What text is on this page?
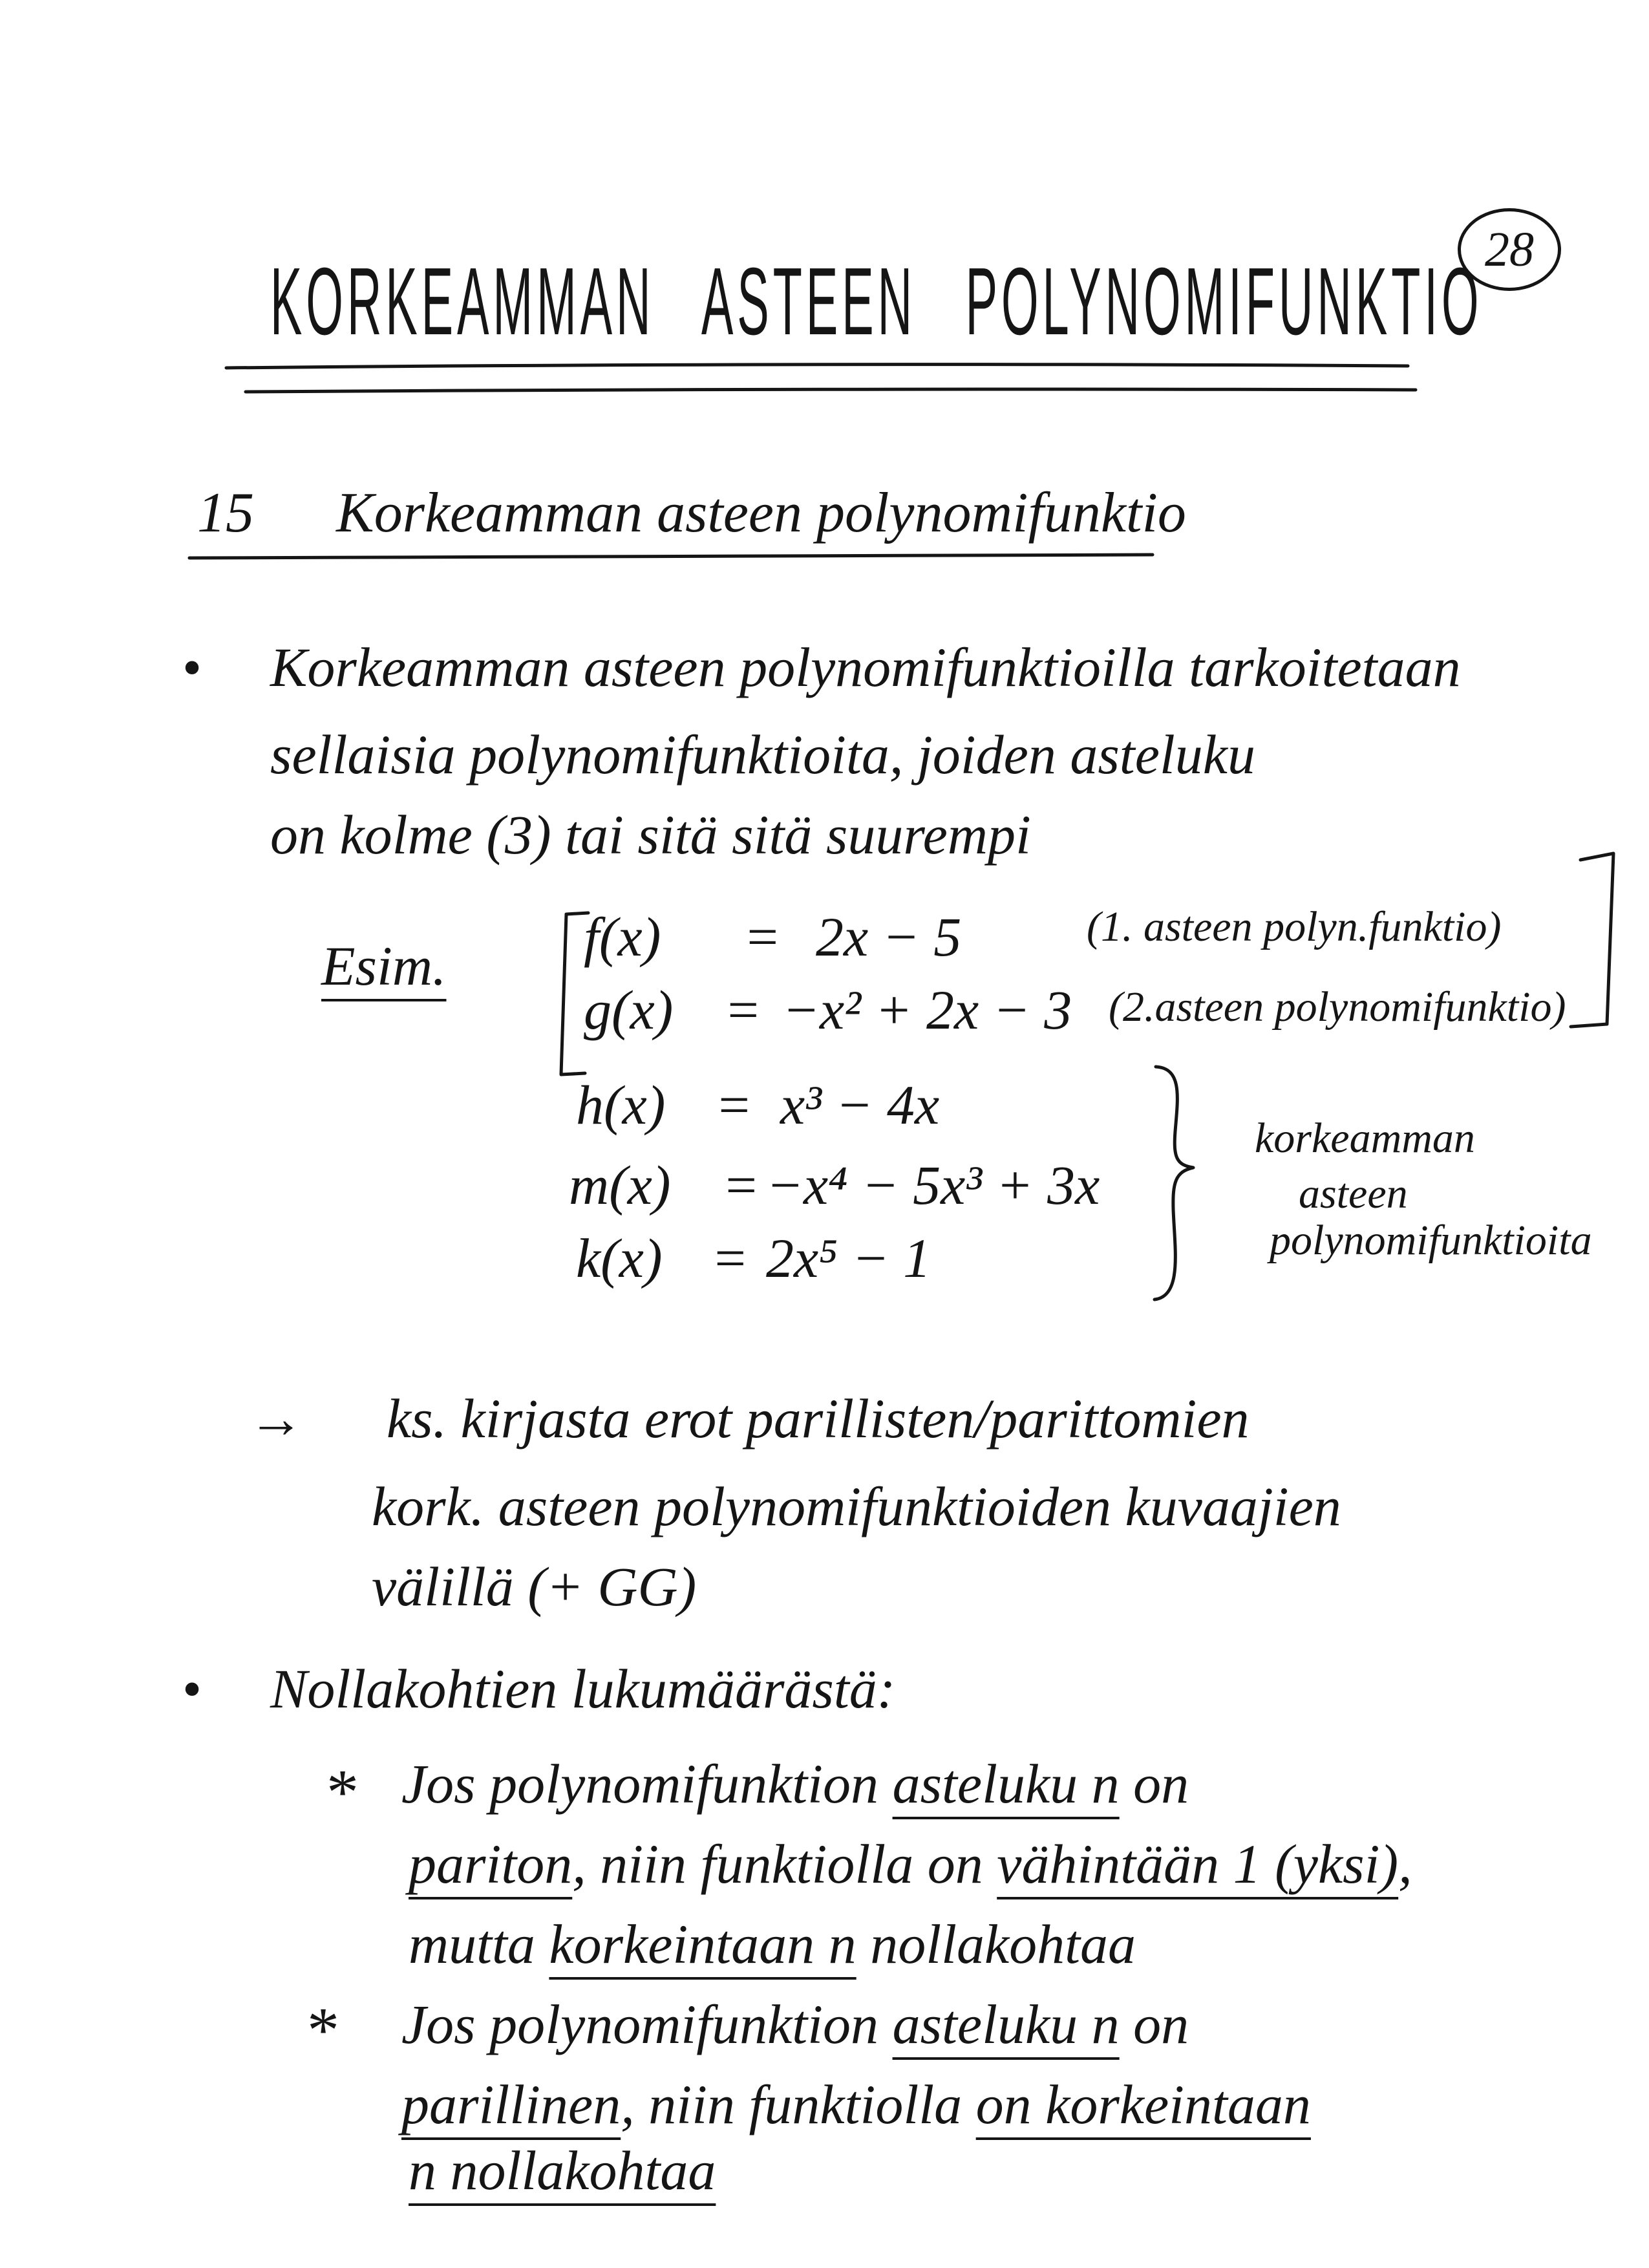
28
KORKEAMMAN ASTEEN POLYNOMIFUNKTIO
15 Korkeamman asteen polynomifunktio
• Korkeamman asteen polynomifunktioilla tarkoitetaan
sellaisia polynomifunktioita, joiden asteluku
on kolme (3) tai sitä sitä suurempi
Esim. f(x) = 2x − 5	(1. asteen polyn.funktio)
g(x) = −x² + 2x − 3 (2.asteen polynomifunktio)
h(x) = x³ − 4x
m(x) = −x⁴ − 5x³ + 3x
k(x) = 2x⁵ − 1
korkeamman
asteen
polynomifunktioita
→ ks. kirjasta erot parillisten/parittomien
kork. asteen polynomifunktioiden kuvaajien
välillä (+ GG)
• Nollakohtien lukumäärästä:
* Jos polynomifunktion asteluku n on
pariton, niin funktiolla on vähintään 1 (yksi),
mutta korkeintaan n nollakohtaa
* Jos polynomifunktion asteluku n on
parillinen, niin funktiolla on korkeintaan
n nollakohtaa
